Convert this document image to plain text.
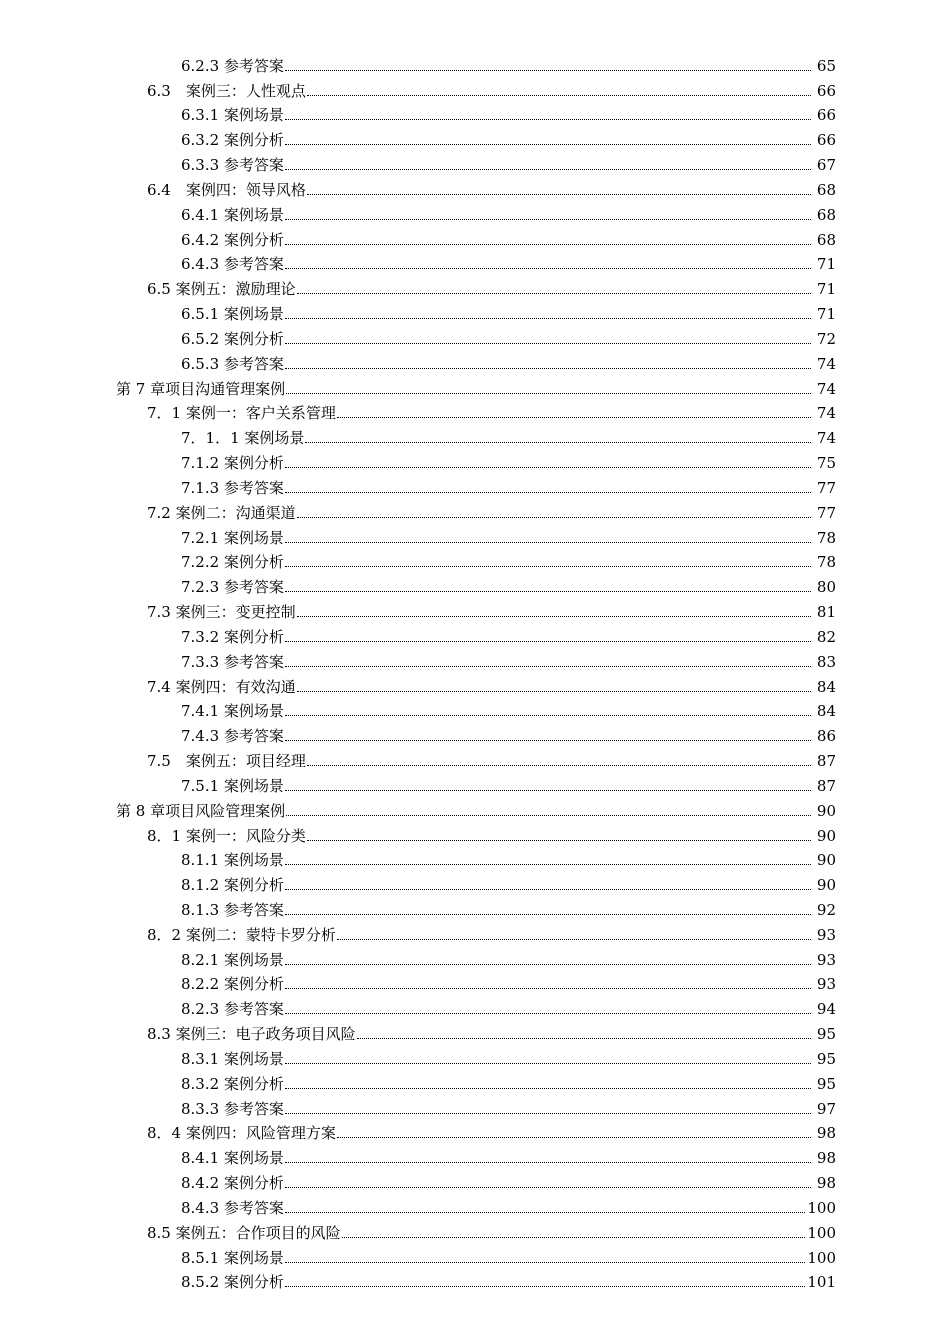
6.2.3 参考答案	65
6.3　案例三：人性观点	66
6.3.1 案例场景	66
6.3.2 案例分析	66
6.3.3 参考答案	67
6.4　案例四：领导风格	68
6.4.1 案例场景	68
6.4.2 案例分析	68
6.4.3 参考答案	71
6.5 案例五：激励理论	71
6.5.1 案例场景	71
6.5.2 案例分析	72
6.5.3 参考答案	74
第 7 章项目沟通管理案例	74
7．1 案例一：客户关系管理	74
7．1．1 案例场景	74
7.1.2 案例分析	75
7.1.3 参考答案	77
7.2 案例二：沟通渠道	77
7.2.1 案例场景	78
7.2.2 案例分析	78
7.2.3 参考答案	80
7.3 案例三：变更控制	81
7.3.2 案例分析	82
7.3.3 参考答案	83
7.4 案例四：有效沟通	84
7.4.1 案例场景	84
7.4.3 参考答案	86
7.5　案例五：项目经理	87
7.5.1 案例场景	87
第 8 章项目风险管理案例	90
8．1 案例一：风险分类	90
8.1.1 案例场景	90
8.1.2 案例分析	90
8.1.3 参考答案	92
8．2 案例二：蒙特卡罗分析	93
8.2.1 案例场景	93
8.2.2 案例分析	93
8.2.3 参考答案	94
8.3 案例三：电子政务项目风险	95
8.3.1 案例场景	95
8.3.2 案例分析	95
8.3.3 参考答案	97
8．4 案例四：风险管理方案	98
8.4.1 案例场景	98
8.4.2 案例分析	98
8.4.3 参考答案	100
8.5 案例五：合作项目的风险	100
8.5.1 案例场景	100
8.5.2 案例分析	101
